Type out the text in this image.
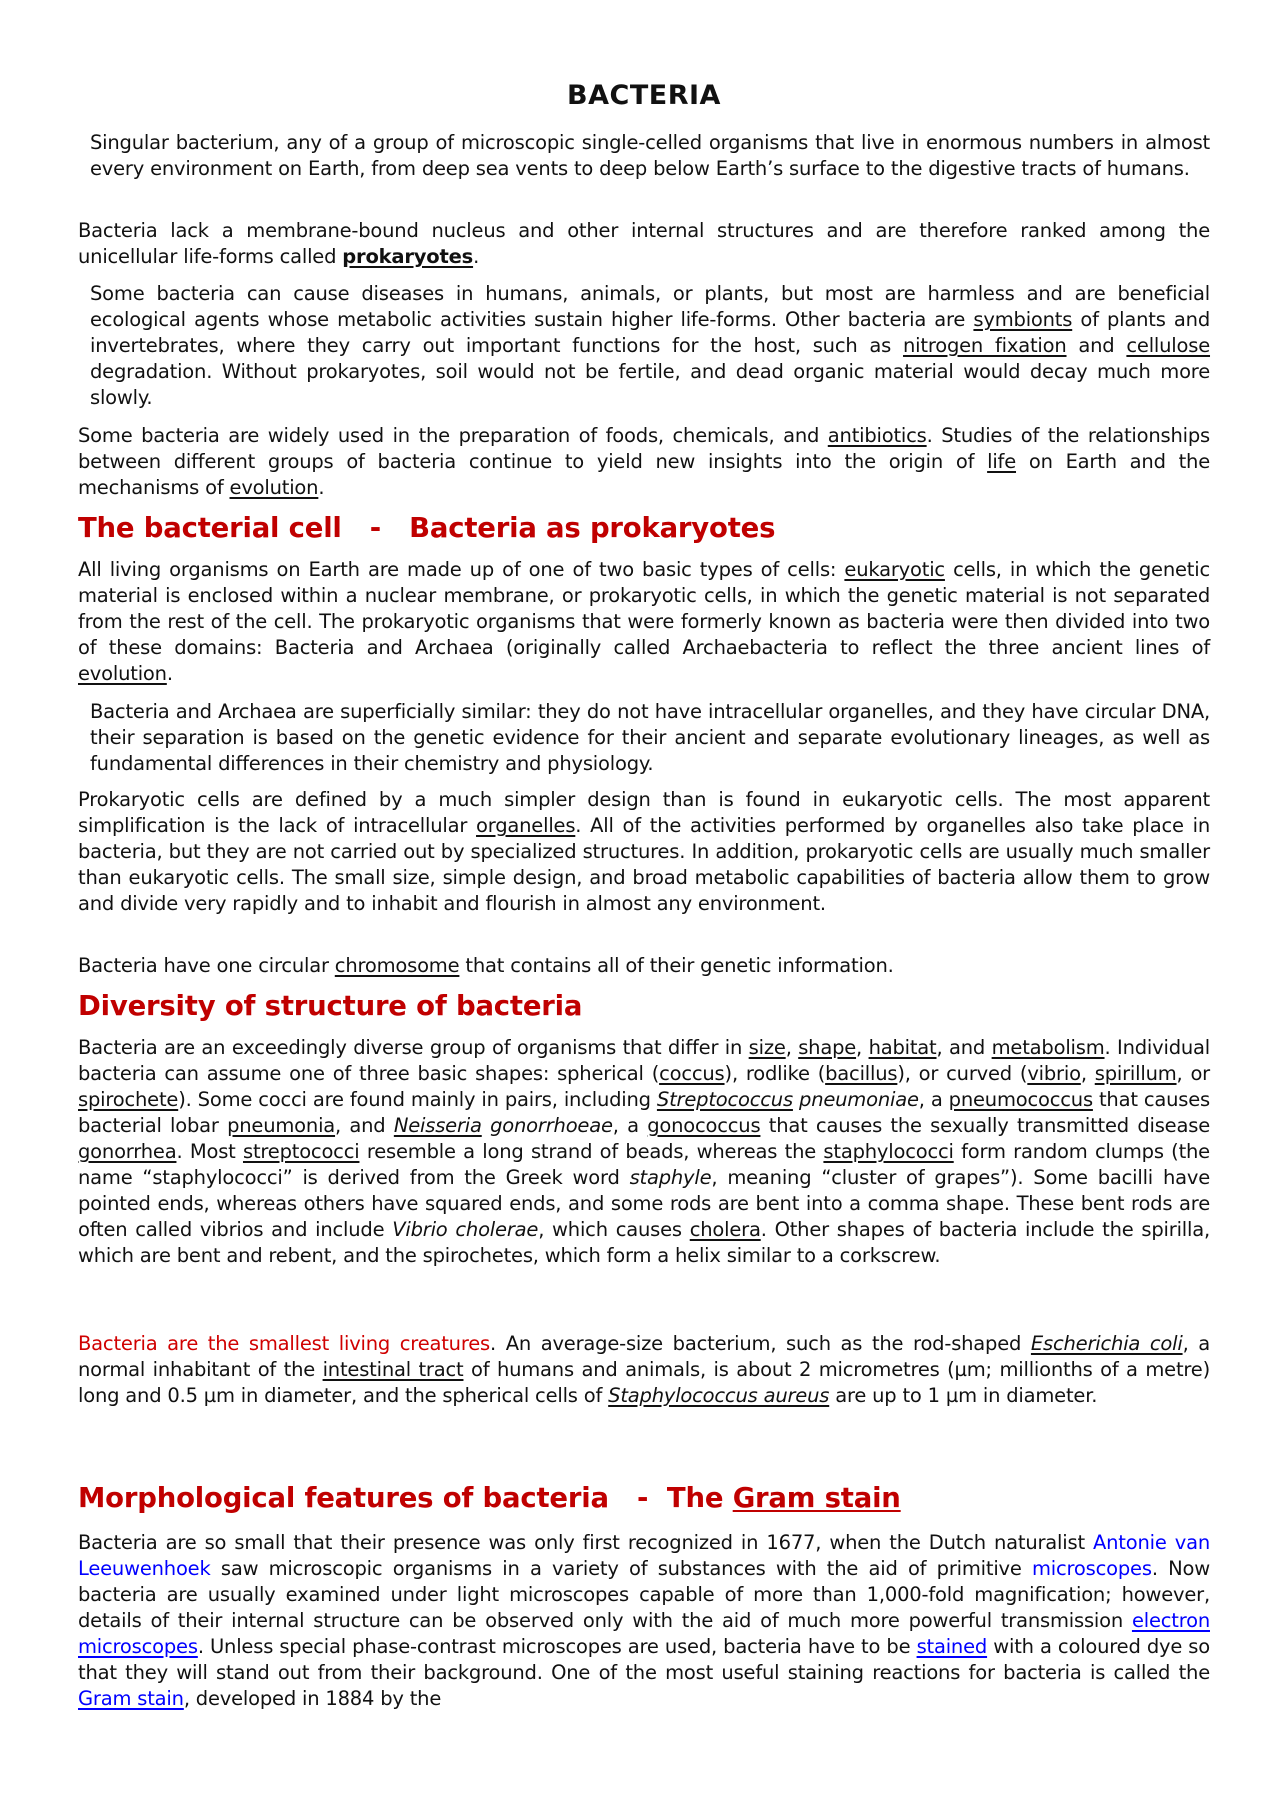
BACTERIA

Singular bacterium, any of a group of microscopic single-celled organisms that live in enormous numbers in almost every environment on Earth, from deep sea vents to deep below Earth’s surface to the digestive tracts of humans.

Bacteria lack a membrane-bound nucleus and other internal structures and are therefore ranked among the unicellular life-forms called prokaryotes.

Some bacteria can cause diseases in humans, animals, or plants, but most are harmless and are beneficial ecological agents whose metabolic activities sustain higher life-forms. Other bacteria are symbionts of plants and invertebrates, where they carry out important functions for the host, such as nitrogen fixation and cellulose degradation. Without prokaryotes, soil would not be fertile, and dead organic material would decay much more slowly.

Some bacteria are widely used in the preparation of foods, chemicals, and antibiotics. Studies of the relationships between different groups of bacteria continue to yield new insights into the origin of life on Earth and the mechanisms of evolution.

The bacterial cell   -   Bacteria as prokaryotes

All living organisms on Earth are made up of one of two basic types of cells: eukaryotic cells, in which the genetic material is enclosed within a nuclear membrane, or prokaryotic cells, in which the genetic material is not separated from the rest of the cell. The prokaryotic organisms that were formerly known as bacteria were then divided into two of these domains: Bacteria and Archaea (originally called Archaebacteria to reflect the three ancient lines of evolution.

Bacteria and Archaea are superficially similar: they do not have intracellular organelles, and they have circular DNA, their separation is based on the genetic evidence for their ancient and separate evolutionary lineages, as well as fundamental differences in their chemistry and physiology.

Prokaryotic cells are defined by a much simpler design than is found in eukaryotic cells. The most apparent simplification is the lack of intracellular organelles. All of the activities performed by organelles also take place in bacteria, but they are not carried out by specialized structures. In addition, prokaryotic cells are usually much smaller than eukaryotic cells. The small size, simple design, and broad metabolic capabilities of bacteria allow them to grow and divide very rapidly and to inhabit and flourish in almost any environment.

Bacteria have one circular chromosome that contains all of their genetic information.

Diversity of structure of bacteria

Bacteria are an exceedingly diverse group of organisms that differ in size, shape, habitat, and metabolism. Individual bacteria can assume one of three basic shapes: spherical (coccus), rodlike (bacillus), or curved (vibrio, spirillum, or spirochete). Some cocci are found mainly in pairs, including Streptococcus pneumoniae, a pneumococcus that causes bacterial lobar pneumonia, and Neisseria gonorrhoeae, a gonococcus that causes the sexually transmitted disease gonorrhea. Most streptococci resemble a long strand of beads, whereas the staphylococci form random clumps (the name “staphylococci” is derived from the Greek word staphyle, meaning “cluster of grapes”). Some bacilli have pointed ends, whereas others have squared ends, and some rods are bent into a comma shape. These bent rods are often called vibrios and include Vibrio cholerae, which causes cholera. Other shapes of bacteria include the spirilla, which are bent and rebent, and the spirochetes, which form a helix similar to a corkscrew.

Bacteria are the smallest living creatures. An average-size bacterium, such as the rod-shaped Escherichia coli, a normal inhabitant of the intestinal tract of humans and animals, is about 2 micrometres (µm; millionths of a metre) long and 0.5 µm in diameter, and the spherical cells of Staphylococcus aureus are up to 1 µm in diameter.

Morphological features of bacteria   -  The Gram stain

Bacteria are so small that their presence was only first recognized in 1677, when the Dutch naturalist Antonie van Leeuwenhoek saw microscopic organisms in a variety of substances with the aid of primitive microscopes. Now bacteria are usually examined under light microscopes capable of more than 1,000-fold magnification; however, details of their internal structure can be observed only with the aid of much more powerful transmission electron microscopes. Unless special phase-contrast microscopes are used, bacteria have to be stained with a coloured dye so that they will stand out from their background. One of the most useful staining reactions for bacteria is called the Gram stain, developed in 1884 by the
